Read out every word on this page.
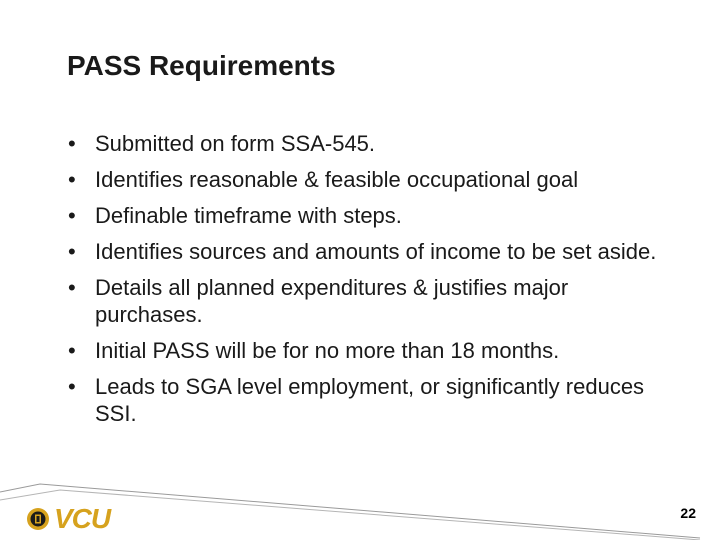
PASS Requirements
• Submitted on form SSA-545.
• Identifies reasonable & feasible occupational goal
• Definable timeframe with steps.
• Identifies sources and amounts of income to be set aside.
• Details all planned expenditures & justifies major purchases.
• Initial PASS will be for no more than 18 months.
• Leads to SGA level employment, or significantly reduces SSI.
VCU	22
